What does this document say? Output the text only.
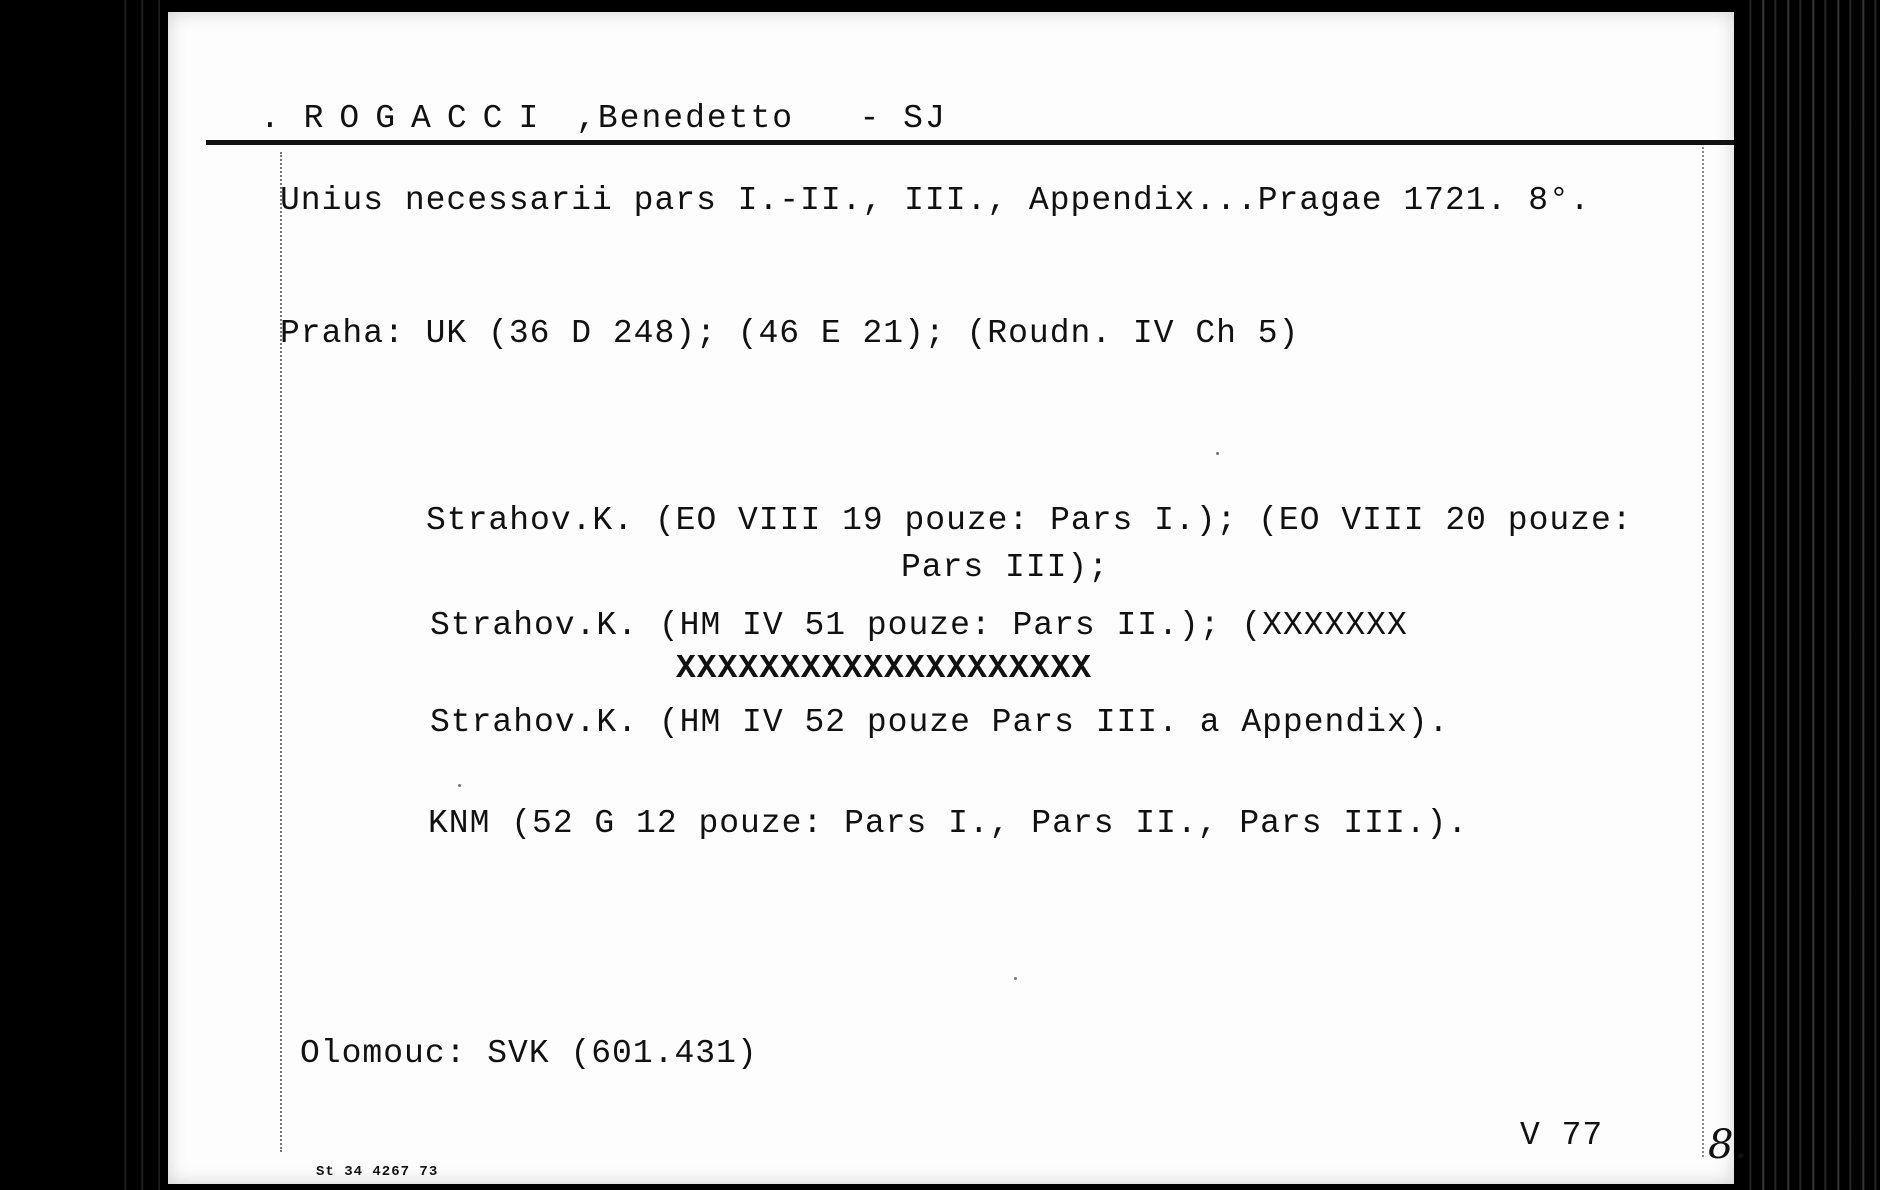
. ROGACCI ,Benedetto - SJ
Unius necessarii pars I.-II., III., Appendix...Pragae 1721. 8°.
Praha: UK (36 D 248); (46 E 21); (Roudn. IV Ch 5)
Strahov.K. (EO VIII 19 pouze: Pars I.); (EO VIII 20 pouze:
Pars III);
Strahov.K. (HM IV 51 pouze: Pars II.); (XXXXXXX
XXXXXXXXXXXXXXXXXXXX
Strahov.K. (HM IV 52 pouze Pars III. a Appendix).
KNM (52 G 12 pouze: Pars I., Pars II., Pars III.).
Olomouc: SVK (601.431)
V 77	8.
St 34 4267 73
